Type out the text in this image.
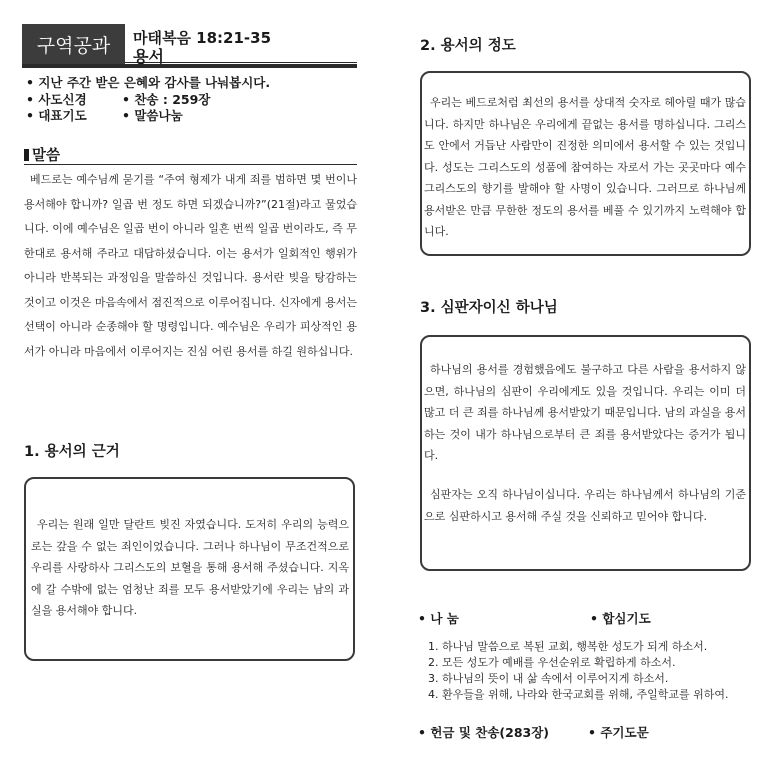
구역공과	마태복음 18:21-35
용서
• 지난 주간 받은 은혜와 감사를 나눠봅시다.
• 사도신경	• 찬송 : 259장
• 대표기도	• 말씀나눔
말씀
베드로는 예수님께 묻기를 “주여 형제가 내게 죄를 범하면 몇 번이나 용서해야 합니까? 일곱 번 정도 하면 되겠습니까?”(21절)라고 물었습니다. 이에 예수님은 일곱 번이 아니라 일흔 번씩 일곱 번이라도, 즉 무한대로 용서해 주라고 대답하셨습니다. 이는 용서가 일회적인 행위가 아니라 반복되는 과정임을 말씀하신 것입니다. 용서란 빚을 탕감하는 것이고 이것은 마음속에서 점진적으로 이루어집니다. 신자에게 용서는 선택이 아니라 순종해야 할 명령입니다. 예수님은 우리가 피상적인 용서가 아니라 마음에서 이루어지는 진심 어린 용서를 하길 원하십니다.
1. 용서의 근거
우리는 원래 일만 달란트 빚진 자였습니다. 도저히 우리의 능력으로는 갚을 수 없는 죄인이었습니다. 그러나 하나님이 무조건적으로 우리를 사랑하사 그리스도의 보혈을 통해 용서해 주셨습니다. 지옥에 갈 수밖에 없는 엄청난 죄를 모두 용서받았기에 우리는 남의 과실을 용서해야 합니다.
2. 용서의 정도
우리는 베드로처럼 최선의 용서를 상대적 숫자로 헤아릴 때가 많습니다. 하지만 하나님은 우리에게 끝없는 용서를 명하십니다. 그리스도 안에서 거듭난 사람만이 진정한 의미에서 용서할 수 있는 것입니다. 성도는 그리스도의 성품에 참여하는 자로서 가는 곳곳마다 예수 그리스도의 향기를 발해야 할 사명이 있습니다. 그러므로 하나님께 용서받은 만큼 무한한 정도의 용서를 베풀 수 있기까지 노력해야 합니다.
3. 심판자이신 하나님
하나님의 용서를 경험했음에도 불구하고 다른 사람을 용서하지 않으면, 하나님의 심판이 우리에게도 있을 것입니다. 우리는 이미 더 많고 더 큰 죄를 하나님께 용서받았기 때문입니다. 남의 과실을 용서하는 것이 내가 하나님으로부터 큰 죄를 용서받았다는 증거가 됩니다.
심판자는 오직 하나님이십니다. 우리는 하나님께서 하나님의 기준으로 심판하시고 용서해 주실 것을 신뢰하고 믿어야 합니다.
• 나 눔	• 합심기도
1. 하나님 말씀으로 복된 교회, 행복한 성도가 되게 하소서.
2. 모든 성도가 예배를 우선순위로 확립하게 하소서.
3. 하나님의 뜻이 내 삶 속에서 이루어지게 하소서.
4. 환우들을 위해, 나라와 한국교회를 위해, 주일학교를 위하여.
• 헌금 및 찬송(283장)	• 주기도문
